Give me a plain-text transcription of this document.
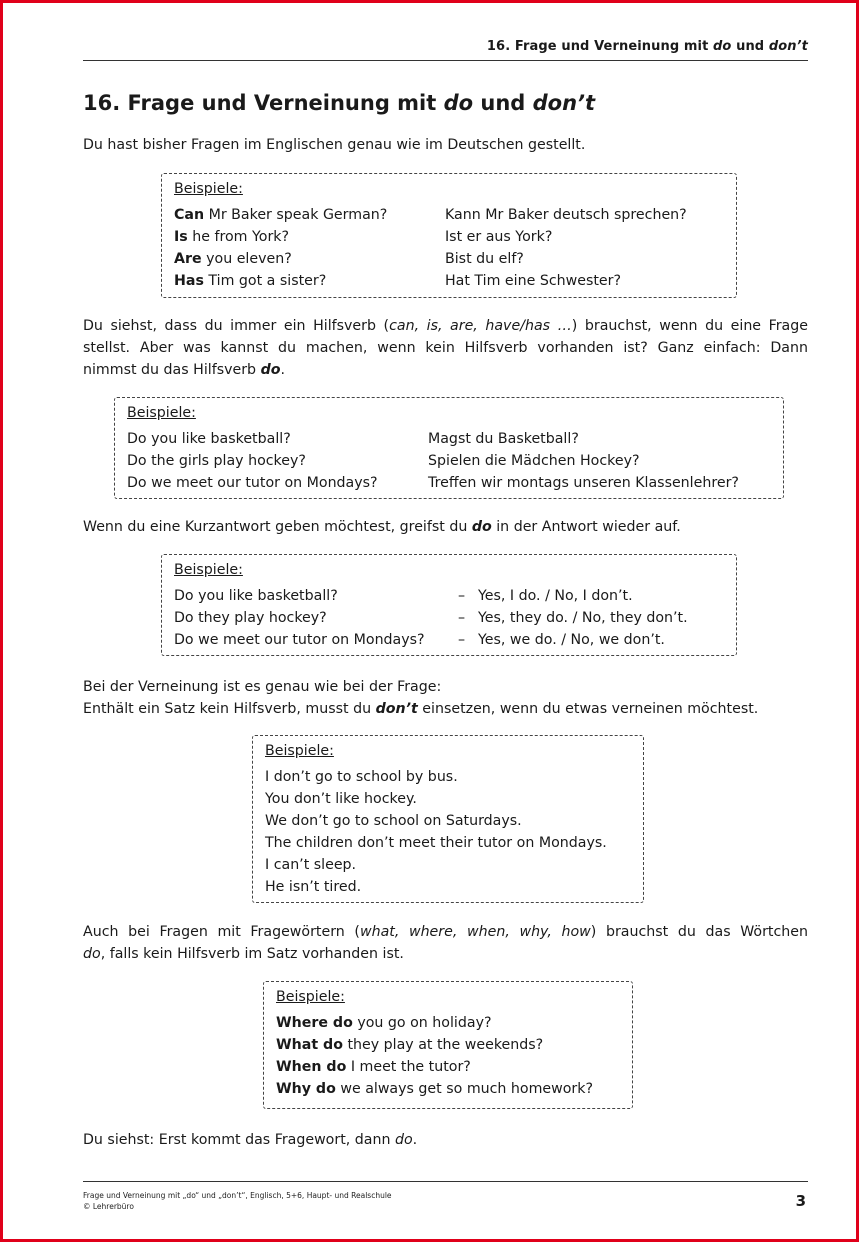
16. Frage und Verneinung mit do und don’t
16. Frage und Verneinung mit do und don’t
Du hast bisher Fragen im Englischen genau wie im Deutschen gestellt.
Beispiele:
Can Mr Baker speak German?	Kann Mr Baker deutsch sprechen?
Is he from York?	Ist er aus York?
Are you eleven?	Bist du elf?
Has Tim got a sister?	Hat Tim eine Schwester?
Du siehst, dass du immer ein Hilfsverb (can, is, are, have/has …) brauchst, wenn du eine Frage
stellst. Aber was kannst du machen, wenn kein Hilfsverb vorhanden ist? Ganz einfach: Dann
nimmst du das Hilfsverb do.
Beispiele:
Do you like basketball?	Magst du Basketball?
Do the girls play hockey?	Spielen die Mädchen Hockey?
Do we meet our tutor on Mondays?	Treffen wir montags unseren Klassenlehrer?
Wenn du eine Kurzantwort geben möchtest, greifst du do in der Antwort wieder auf.
Beispiele:
Do you like basketball?	– Yes, I do. / No, I don’t.
Do they play hockey?	– Yes, they do. / No, they don’t.
Do we meet our tutor on Mondays?	– Yes, we do. / No, we don’t.
Bei der Verneinung ist es genau wie bei der Frage:
Enthält ein Satz kein Hilfsverb, musst du don’t einsetzen, wenn du etwas verneinen möchtest.
Beispiele:
I don’t go to school by bus.
You don’t like hockey.
We don’t go to school on Saturdays.
The children don’t meet their tutor on Mondays.
I can’t sleep.
He isn’t tired.
Auch bei Fragen mit Fragewörtern (what, where, when, why, how) brauchst du das Wörtchen
do, falls kein Hilfsverb im Satz vorhanden ist.
Beispiele:
Where do you go on holiday?
What do they play at the weekends?
When do I meet the tutor?
Why do we always get so much homework?
Du siehst: Erst kommt das Fragewort, dann do.
Frage und Verneinung mit „do“ und „don’t“, Englisch, 5+6, Haupt- und Realschule
© Lehrerbüro	3
